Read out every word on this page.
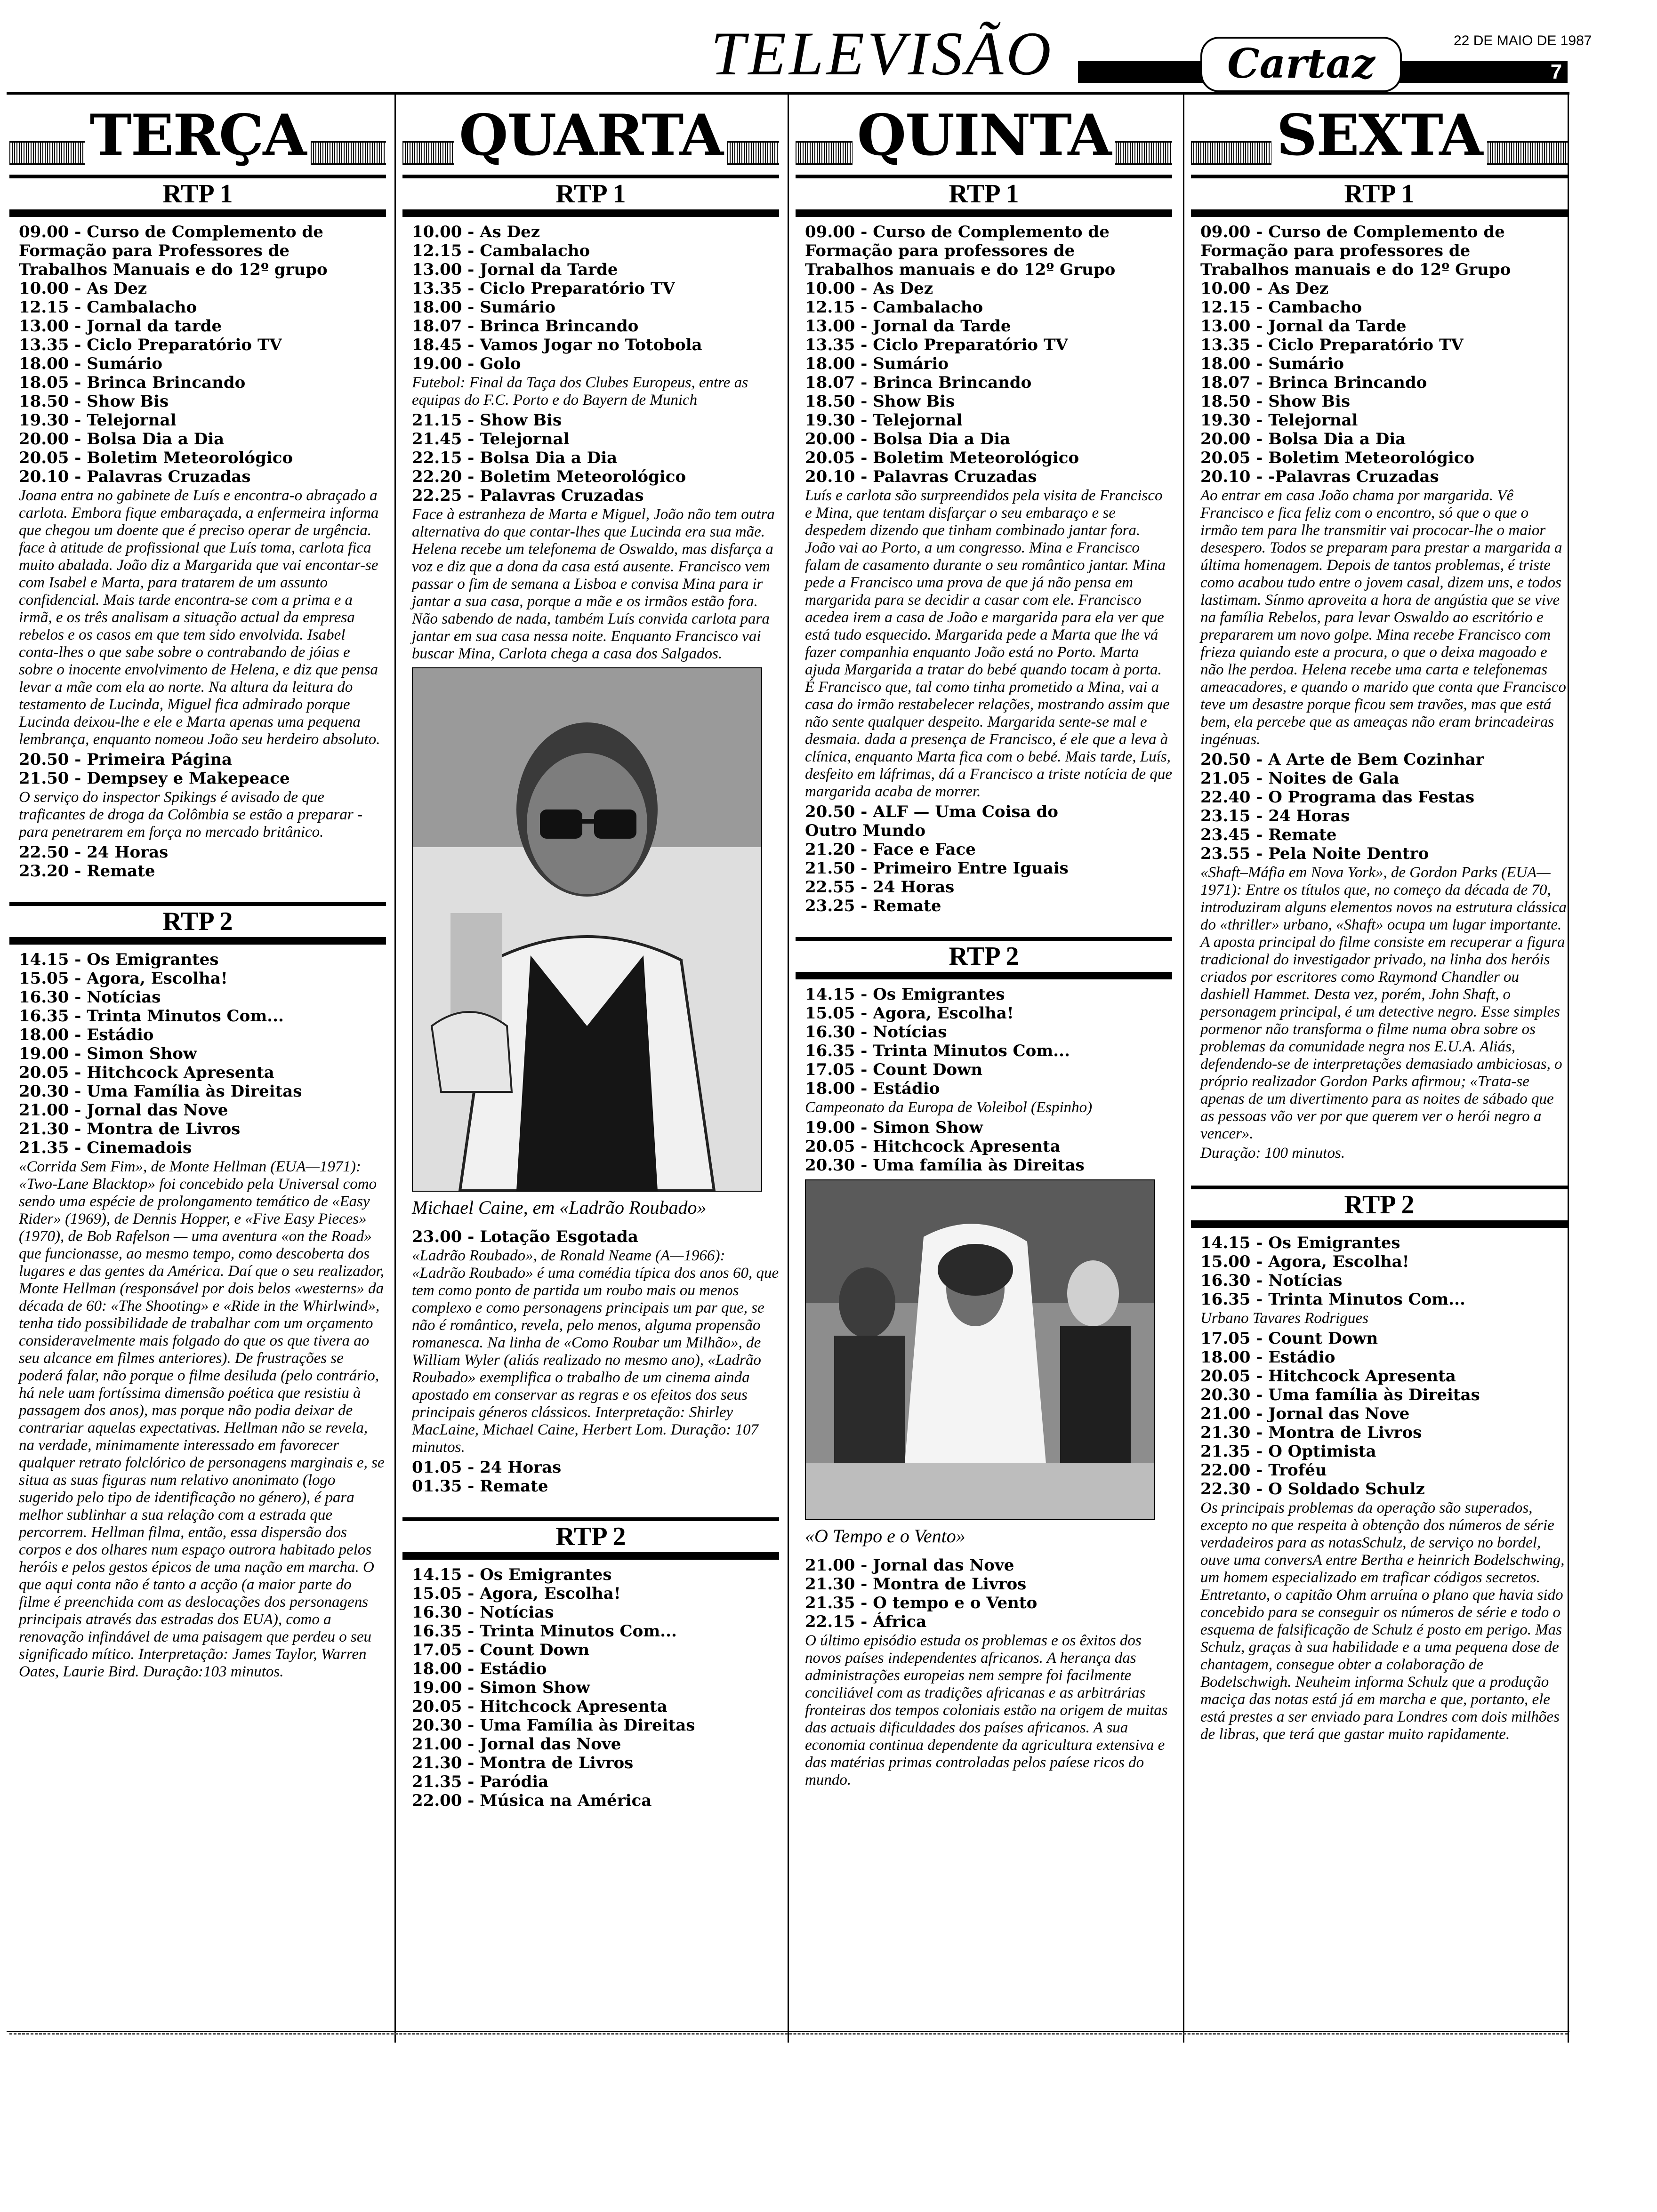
TELEVISÃO	Cartaz	22 DE MAIO DE 1987
7
TERÇA
RTP 1
09.00 - Curso de Complemento de
Formação para Professores de
Trabalhos Manuais e do 12º grupo
10.00 - As Dez
12.15 - Cambalacho
13.00 - Jornal da tarde
13.35 - Ciclo Preparatório TV
18.00 - Sumário
18.05 - Brinca Brincando
18.50 - Show Bis
19.30 - Telejornal
20.00 - Bolsa Dia a Dia
20.05 - Boletim Meteorológico
20.10 - Palavras Cruzadas
Joana entra no gabinete de Luís e encontra-o abraçado a carlota. Embora fique embaraçada, a enfermeira informa que chegou um doente que é preciso operar de urgência. face à atitude de profissional que Luís toma, carlota fica muito abalada. João diz a Margarida que vai encontar-se com Isabel e Marta, para tratarem de um assunto confidencial. Mais tarde encontra-se com a prima e a irmã, e os três analisam a situação actual da empresa rebelos e os casos em que tem sido envolvida. Isabel conta-lhes o que sabe sobre o contrabando de jóias e sobre o inocente envolvimento de Helena, e diz que pensa levar a mãe com ela ao norte. Na altura da leitura do testamento de Lucinda, Miguel fica admirado porque Lucinda deixou-lhe e ele e Marta apenas uma pequena lembrança, enquanto nomeou João seu herdeiro absoluto.
20.50 - Primeira Página
21.50 - Dempsey e Makepeace
O serviço do inspector Spikings é avisado de que traficantes de droga da Colômbia se estão a preparar -para penetrarem em força no mercado britânico.
22.50 - 24 Horas
23.20 - Remate
RTP 2
14.15 - Os Emigrantes
15.05 - Agora, Escolha!
16.30 - Notícias
16.35 - Trinta Minutos Com...
18.00 - Estádio
19.00 - Simon Show
20.05 - Hitchcock Apresenta
20.30 - Uma Família às Direitas
21.00 - Jornal das Nove
21.30 - Montra de Livros
21.35 - Cinemadois
«Corrida Sem Fim», de Monte Hellman (EUA—1971): «Two-Lane Blacktop» foi concebido pela Universal como sendo uma espécie de prolongamento temático de «Easy Rider» (1969), de Dennis Hopper, e «Five Easy Pieces» (1970), de Bob Rafelson — uma aventura «on the Road» que funcionasse, ao mesmo tempo, como descoberta dos lugares e das gentes da América. Daí que o seu realizador, Monte Hellman (responsável por dois belos «westerns» da década de 60: «The Shooting» e «Ride in the Whirlwind», tenha tido possibilidade de trabalhar com um orçamento consideravelmente mais folgado do que os que tivera ao seu alcance em filmes anteriores). De frustrações se poderá falar, não porque o filme desiluda (pelo contrário, há nele uam fortíssima dimensão poética que resistiu à passagem dos anos), mas porque não podia deixar de contrariar aquelas expectativas. Hellman não se revela, na verdade, minimamente interessado em favorecer qualquer retrato folclórico de personagens marginais e, se situa as suas figuras num relativo anonimato (logo sugerido pelo tipo de identificação no género), é para melhor sublinhar a sua relação com a estrada que percorrem. Hellman filma, então, essa dispersão dos corpos e dos olhares num espaço outrora habitado pelos heróis e pelos gestos épicos de uma nação em marcha. O que aqui conta não é tanto a acção (a maior parte do filme é preenchida com as deslocações dos personagens principais através das estradas dos EUA), como a renovação infindável de uma paisagem que perdeu o seu significado mítico. Interpretação: James Taylor, Warren Oates, Laurie Bird. Duração:103 minutos.
QUARTA
RTP 1
10.00 - As Dez
12.15 - Cambalacho
13.00 - Jornal da Tarde
13.35 - Ciclo Preparatório TV
18.00 - Sumário
18.07 - Brinca Brincando
18.45 - Vamos Jogar no Totobola
19.00 - Golo
Futebol: Final da Taça dos Clubes Europeus, entre as equipas do F.C. Porto e do Bayern de Munich
21.15 - Show Bis
21.45 - Telejornal
22.15 - Bolsa Dia a Dia
22.20 - Boletim Meteorológico
22.25 - Palavras Cruzadas
Face à estranheza de Marta e Miguel, João não tem outra alternativa do que contar-lhes que Lucinda era sua mãe. Helena recebe um telefonema de Oswaldo, mas disfarça a voz e diz que a dona da casa está ausente. Francisco vem passar o fim de semana a Lisboa e convisa Mina para ir jantar a sua casa, porque a mãe e os irmãos estão fora. Não sabendo de nada, também Luís convida carlota para jantar em sua casa nessa noite. Enquanto Francisco vai buscar Mina, Carlota chega a casa dos Salgados.
Michael Caine, em «Ladrão Roubado»
23.00 - Lotação Esgotada
«Ladrão Roubado», de Ronald Neame (A—1966): «Ladrão Roubado» é uma comédia típica dos anos 60, que tem como ponto de partida um roubo mais ou menos complexo e como personagens principais um par que, se não é romântico, revela, pelo menos, alguma propensão romanesca. Na linha de «Como Roubar um Milhão», de William Wyler (aliás realizado no mesmo ano), «Ladrão Roubado» exemplifica o trabalho de um cinema ainda apostado em conservar as regras e os efeitos dos seus principais géneros clássicos. Interpretação: Shirley MacLaine, Michael Caine, Herbert Lom. Duração: 107 minutos.
01.05 - 24 Horas
01.35 - Remate
RTP 2
14.15 - Os Emigrantes
15.05 - Agora, Escolha!
16.30 - Notícias
16.35 - Trinta Minutos Com...
17.05 - Count Down
18.00 - Estádio
19.00 - Simon Show
20.05 - Hitchcock Apresenta
20.30 - Uma Família às Direitas
21.00 - Jornal das Nove
21.30 - Montra de Livros
21.35 - Paródia
22.00 - Música na América
QUINTA
RTP 1
09.00 - Curso de Complemento de
Formação para professores de
Trabalhos manuais e do 12º Grupo
10.00 - As Dez
12.15 - Cambalacho
13.00 - Jornal da Tarde
13.35 - Ciclo Preparatório TV
18.00 - Sumário
18.07 - Brinca Brincando
18.50 - Show Bis
19.30 - Telejornal
20.00 - Bolsa Dia a Dia
20.05 - Boletim Meteorológico
20.10 - Palavras Cruzadas
Luís e carlota são surpreendidos pela visita de Francisco e Mina, que tentam disfarçar o seu embaraço e se despedem dizendo que tinham combinado jantar fora. João vai ao Porto, a um congresso. Mina e Francisco falam de casamento durante o seu romântico jantar. Mina pede a Francisco uma prova de que já não pensa em margarida para se decidir a casar com ele. Francisco acedea irem a casa de João e margarida para ela ver que está tudo esquecido. Margarida pede a Marta que lhe vá fazer companhia enquanto João está no Porto. Marta ajuda Margarida a tratar do bebé quando tocam à porta. É Francisco que, tal como tinha prometido a Mina, vai a casa do irmão restabelecer relações, mostrando assim que não sente qualquer despeito. Margarida sente-se mal e desmaia. dada a presença de Francisco, é ele que a leva à clínica, enquanto Marta fica com o bebé. Mais tarde, Luís, desfeito em láfrimas, dá a Francisco a triste notícia de que margarida acaba de morrer.
20.50 - ALF — Uma Coisa do
Outro Mundo
21.20 - Face e Face
21.50 - Primeiro Entre Iguais
22.55 - 24 Horas
23.25 - Remate
RTP 2
14.15 - Os Emigrantes
15.05 - Agora, Escolha!
16.30 - Notícias
16.35 - Trinta Minutos Com...
17.05 - Count Down
18.00 - Estádio
Campeonato da Europa de Voleibol (Espinho)
19.00 - Simon Show
20.05 - Hitchcock Apresenta
20.30 - Uma família às Direitas
«O Tempo e o Vento»
21.00 - Jornal das Nove
21.30 - Montra de Livros
21.35 - O tempo e o Vento
22.15 - África
O último episódio estuda os problemas e os êxitos dos novos países independentes africanos. A herança das administrações europeias nem sempre foi facilmente conciliável com as tradições africanas e as arbitrárias fronteiras dos tempos coloniais estão na origem de muitas das actuais dificuldades dos países africanos. A sua economia continua dependente da agricultura extensiva e das matérias primas controladas pelos paíese ricos do mundo.
SEXTA
RTP 1
09.00 - Curso de Complemento de
Formação para professores de
Trabalhos manuais e do 12º Grupo
10.00 - As Dez
12.15 - Cambacho
13.00 - Jornal da Tarde
13.35 - Ciclo Preparatório TV
18.00 - Sumário
18.07 - Brinca Brincando
18.50 - Show Bis
19.30 - Telejornal
20.00 - Bolsa Dia a Dia
20.05 - Boletim Meteorológico
20.10 - -Palavras Cruzadas
Ao entrar em casa João chama por margarida. Vê Francisco e fica feliz com o encontro, só que o que o irmão tem para lhe transmitir vai prococar-lhe o maior desespero. Todos se preparam para prestar a margarida a última homenagem. Depois de tantos problemas, é triste como acabou tudo entre o jovem casal, dizem uns, e todos lastimam. Sínmo aproveita a hora de angústia que se vive na família Rebelos, para levar Oswaldo ao escritório e prepararem um novo golpe. Mina recebe Francisco com frieza quiando este a procura, o que o deixa magoado e não lhe perdoa. Helena recebe uma carta e telefonemas ameacadores, e quando o marido que conta que Francisco teve um desastre porque ficou sem travões, mas que está bem, ela percebe que as ameaças não eram brincadeiras ingénuas.
20.50 - A Arte de Bem Cozinhar
21.05 - Noites de Gala
22.40 - O Programa das Festas
23.15 - 24 Horas
23.45 - Remate
23.55 - Pela Noite Dentro
«Shaft–Máfia em Nova York», de Gordon Parks (EUA—1971): Entre os títulos que, no começo da década de 70, introduziram alguns elementos novos na estrutura clássica do «thriller» urbano, «Shaft» ocupa um lugar importante. A aposta principal do filme consiste em recuperar a figura tradicional do investigador privado, na linha dos heróis criados por escritores como Raymond Chandler ou dashiell Hammet. Desta vez, porém, John Shaft, o personagem principal, é um detective negro. Esse simples pormenor não transforma o filme numa obra sobre os problemas da comunidade negra nos E.U.A. Aliás, defendendo-se de interpretações demasiado ambiciosas, o próprio realizador Gordon Parks afirmou; «Trata-se apenas de um divertimento para as noites de sábado que as pessoas vão ver por que querem ver o herói negro a vencer».
Duração: 100 minutos.
RTP 2
14.15 - Os Emigrantes
15.00 - Agora, Escolha!
16.30 - Notícias
16.35 - Trinta Minutos Com...
Urbano Tavares Rodrigues
17.05 - Count Down
18.00 - Estádio
20.05 - Hitchcock Apresenta
20.30 - Uma família às Direitas
21.00 - Jornal das Nove
21.30 - Montra de Livros
21.35 - O Optimista
22.00 - Troféu
22.30 - O Soldado Schulz
Os principais problemas da operação são superados, excepto no que respeita à obtenção dos números de série verdadeiros para as notasSchulz, de serviço no bordel, ouve uma conversA entre Bertha e heinrich Bodelschwing, um homem especializado em traficar códigos secretos. Entretanto, o capitão Ohm arruína o plano que havia sido concebido para se conseguir os números de série e todo o esquema de falsificação de Schulz é posto em perigo. Mas Schulz, graças à sua habilidade e a uma pequena dose de chantagem, consegue obter a colaboração de Bodelschwigh. Neuheim informa Schulz que a produção maciça das notas está já em marcha e que, portanto, ele está prestes a ser enviado para Londres com dois milhões de libras, que terá que gastar muito rapidamente.
